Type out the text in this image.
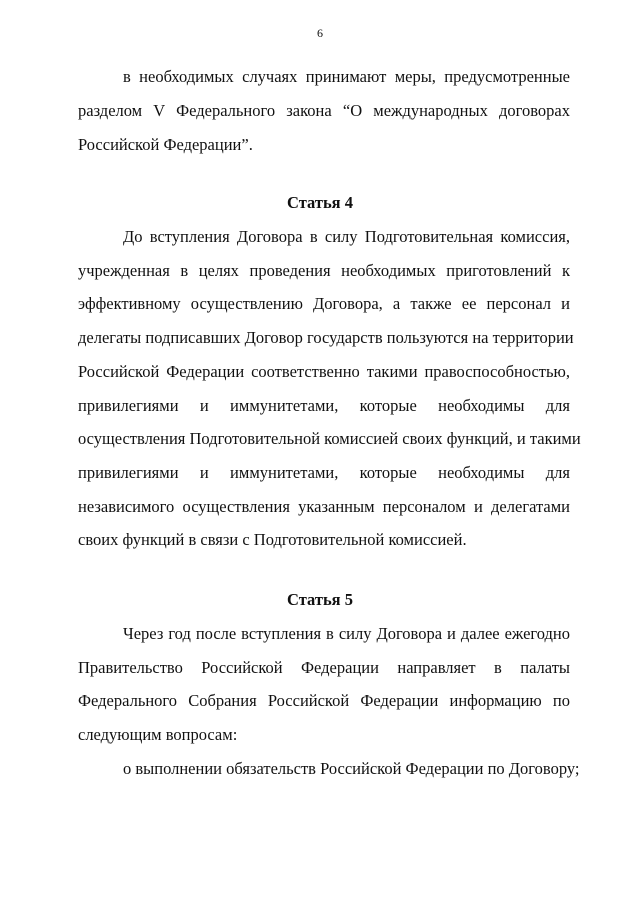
6
в необходимых случаях принимают меры, предусмотренные
разделом V Федерального закона “О международных договорах
Российской Федерации”.
Статья 4
До вступления Договора в силу Подготовительная комиссия,
учрежденная в целях проведения необходимых приготовлений к
эффективному осуществлению Договора, а также ее персонал и
делегаты подписавших Договор государств пользуются на территории
Российской Федерации соответственно такими правоспособностью,
привилегиями и иммунитетами, которые необходимы для
осуществления Подготовительной комиссией своих функций, и такими
привилегиями и иммунитетами, которые необходимы для
независимого осуществления указанным персоналом и делегатами
своих функций в связи с Подготовительной комиссией.
Статья 5
Через год после вступления в силу Договора и далее ежегодно
Правительство Российской Федерации направляет в палаты
Федерального Собрания Российской Федерации информацию по
следующим вопросам:
о выполнении обязательств Российской Федерации по Договору;
